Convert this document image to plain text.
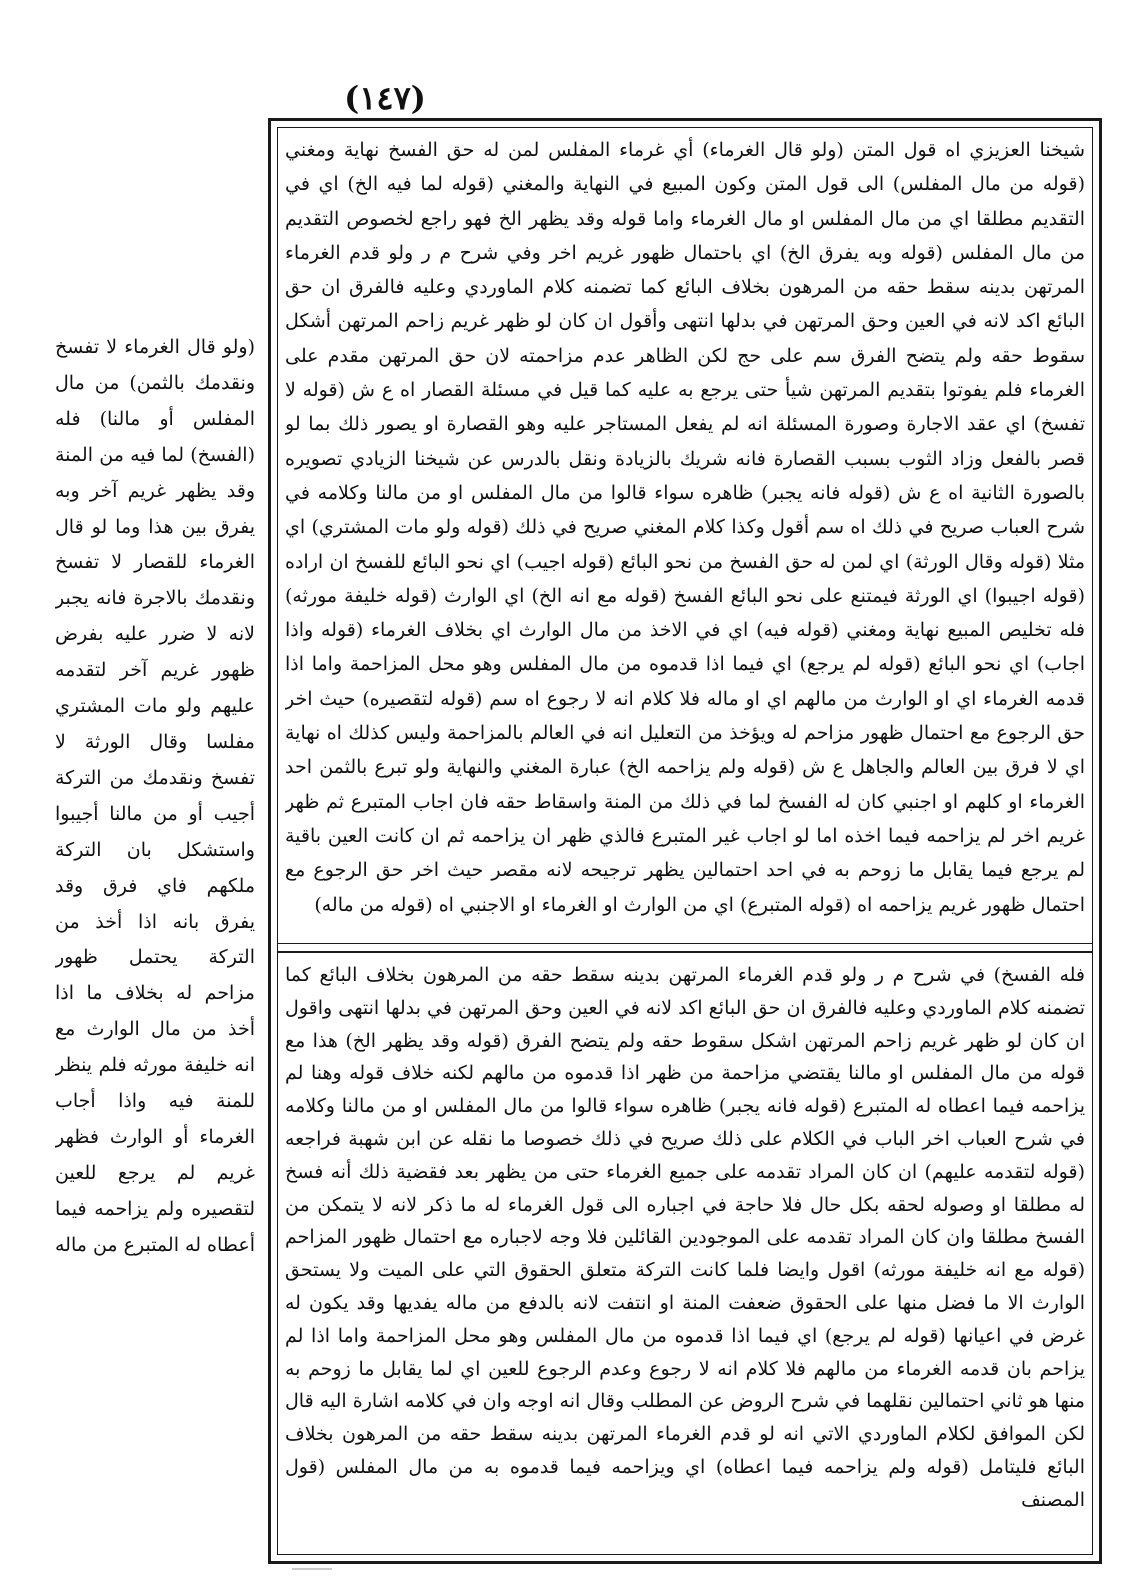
(١٤٧)

(ولو قال الغرماء لا تفسخ ونقدمك بالثمن) من مال المفلس أو مالنا) فله (الفسخ) لما فيه من المنة وقد يظهر غريم آخر وبه يفرق بين هذا وما لو قال الغرماء للقصار لا تفسخ ونقدمك بالاجرة فانه يجبر لانه لا ضرر عليه بفرض ظهور غريم آخر لتقدمه عليهم ولو مات المشتري مفلسا وقال الورثة لا تفسخ ونقدمك من التركة أجيب أو من مالنا أجيبوا واستشكل بان التركة ملكهم فاي فرق وقد يفرق بانه اذا أخذ من التركة يحتمل ظهور مزاحم له بخلاف ما اذا أخذ من مال الوارث مع انه خليفة مورثه فلم ينظر للمنة فيه واذا أجاب الغرماء أو الوارث فظهر غريم لم يرجع للعين لتقصيره ولم يزاحمه فيما أعطاه له المتبرع من ماله

شيخنا العزيزي اه قول المتن (ولو قال الغرماء) أي غرماء المفلس لمن له حق الفسخ نهاية ومغني (قوله من مال المفلس) الى قول المتن وكون المبيع في النهاية والمغني (قوله لما فيه الخ) اي في التقديم مطلقا اي من مال المفلس او مال الغرماء واما قوله وقد يظهر الخ فهو راجع لخصوص التقديم من مال المفلس (قوله وبه يفرق الخ) اي باحتمال ظهور غريم اخر وفي شرح م ر ولو قدم الغرماء المرتهن بدينه سقط حقه من المرهون بخلاف البائع كما تضمنه كلام الماوردي وعليه فالفرق ان حق البائع اكد لانه في العين وحق المرتهن في بدلها انتهى وأقول ان كان لو ظهر غريم زاحم المرتهن أشكل سقوط حقه ولم يتضح الفرق سم على حج لكن الظاهر عدم مزاحمته لان حق المرتهن مقدم على الغرماء فلم يفوتوا بتقديم المرتهن شيأ حتى يرجع به عليه كما قيل في مسئلة القصار اه ع ش (قوله لا تفسخ) اي عقد الاجارة وصورة المسئلة انه لم يفعل المستاجر عليه وهو القصارة او يصور ذلك بما لو قصر بالفعل وزاد الثوب بسبب القصارة فانه شريك بالزيادة ونقل بالدرس عن شيخنا الزيادي تصويره بالصورة الثانية اه ع ش (قوله فانه يجبر) ظاهره سواء قالوا من مال المفلس او من مالنا وكلامه في شرح العباب صريح في ذلك اه سم أقول وكذا كلام المغني صريح في ذلك (قوله ولو مات المشتري) اي مثلا (قوله وقال الورثة) اي لمن له حق الفسخ من نحو البائع (قوله اجيب) اي نحو البائع للفسخ ان اراده (قوله اجيبوا) اي الورثة فيمتنع على نحو البائع الفسخ (قوله مع انه الخ) اي الوارث (قوله خليفة مورثه) فله تخليص المبيع نهاية ومغني (قوله فيه) اي في الاخذ من مال الوارث اي بخلاف الغرماء (قوله واذا اجاب) اي نحو البائع (قوله لم يرجع) اي فيما اذا قدموه من مال المفلس وهو محل المزاحمة واما اذا قدمه الغرماء اي او الوارث من مالهم اي او ماله فلا كلام انه لا رجوع اه سم (قوله لتقصيره) حيث اخر حق الرجوع مع احتمال ظهور مزاحم له ويؤخذ من التعليل انه في العالم بالمزاحمة وليس كذلك اه نهاية اي لا فرق بين العالم والجاهل ع ش (قوله ولم يزاحمه الخ) عبارة المغني والنهاية ولو تبرع بالثمن احد الغرماء او كلهم او اجنبي كان له الفسخ لما في ذلك من المنة واسقاط حقه فان اجاب المتبرع ثم ظهر غريم اخر لم يزاحمه فيما اخذه اما لو اجاب غير المتبرع فالذي ظهر ان يزاحمه ثم ان كانت العين باقية لم يرجع فيما يقابل ما زوحم به في احد احتمالين يظهر ترجيحه لانه مقصر حيث اخر حق الرجوع مع احتمال ظهور غريم يزاحمه اه (قوله المتبرع) اي من الوارث او الغرماء او الاجنبي اه (قوله من ماله)

فله الفسخ) في شرح م ر ولو قدم الغرماء المرتهن بدينه سقط حقه من المرهون بخلاف البائع كما تضمنه كلام الماوردي وعليه فالفرق ان حق البائع اكد لانه في العين وحق المرتهن في بدلها انتهى واقول ان كان لو ظهر غريم زاحم المرتهن اشكل سقوط حقه ولم يتضح الفرق (قوله وقد يظهر الخ) هذا مع قوله من مال المفلس او مالنا يقتضي مزاحمة من ظهر اذا قدموه من مالهم لكنه خلاف قوله وهنا لم يزاحمه فيما اعطاه له المتبرع (قوله فانه يجبر) ظاهره سواء قالوا من مال المفلس او من مالنا وكلامه في شرح العباب اخر الباب في الكلام على ذلك صريح في ذلك خصوصا ما نقله عن ابن شهبة فراجعه (قوله لتقدمه عليهم) ان كان المراد تقدمه على جميع الغرماء حتى من يظهر بعد فقضية ذلك أنه فسخ له مطلقا او وصوله لحقه بكل حال فلا حاجة في اجباره الى قول الغرماء له ما ذكر لانه لا يتمكن من الفسخ مطلقا وان كان المراد تقدمه على الموجودين القائلين فلا وجه لاجباره مع احتمال ظهور المزاحم (قوله مع انه خليفة مورثه) اقول وايضا فلما كانت التركة متعلق الحقوق التي على الميت ولا يستحق الوارث الا ما فضل منها على الحقوق ضعفت المنة او انتفت لانه بالدفع من ماله يفديها وقد يكون له غرض في اعيانها (قوله لم يرجع) اي فيما اذا قدموه من مال المفلس وهو محل المزاحمة واما اذا لم يزاحم بان قدمه الغرماء من مالهم فلا كلام انه لا رجوع وعدم الرجوع للعين اي لما يقابل ما زوحم به منها هو ثاني احتمالين نقلهما في شرح الروض عن المطلب وقال انه اوجه وان في كلامه اشارة اليه قال لكن الموافق لكلام الماوردي الاتي انه لو قدم الغرماء المرتهن بدينه سقط حقه من المرهون بخلاف البائع فليتامل (قوله ولم يزاحمه فيما اعطاه) اي ويزاحمه فيما قدموه به من مال المفلس (قول المصنف
